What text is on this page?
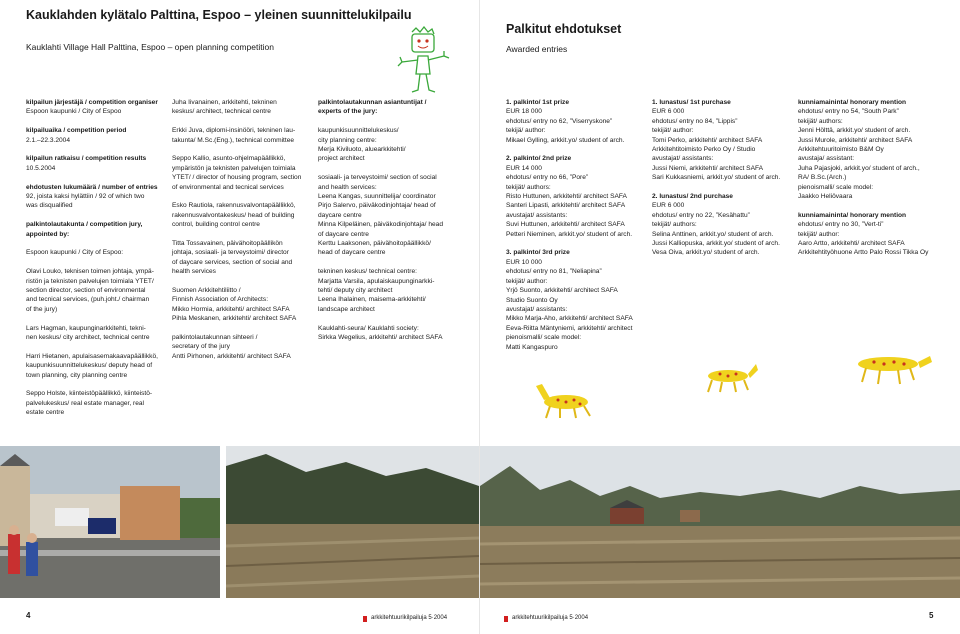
Kauklahden kylätalo Palttina, Espoo – yleinen suunnittelukilpailu
Kauklahti Village Hall Palttina, Espoo – open planning competition

kilpailun järjestäjä / competition organiser
Espoon kaupunki / City of Espoo

kilpailuaika / competition period
2.1.–22.3.2004

kilpailun ratkaisu / competition results
10.5.2004

ehdotusten lukumäärä / number of entries
92, joista kaksi hylättiin / 92 of which two
was disqualified

palkintolautakunta / competition jury,
appointed by:

Espoon kaupunki / City of Espoo:

Olavi Louko, teknisen toimen johtaja, ympä-
ristön ja teknisten palvelujen toimiala YTET/
section director, section of environmental
and tecnical services, (puh.joht./ chairman
of the jury)

Lars Hagman, kaupunginarkkitehti, tekni-
nen keskus/ city architect, technical centre

Harri Hietanen, apulaisasemakaavapäällikkö,
kaupunkisuunnittelukeskus/ deputy head of
town planning, city planning centre

Seppo Holste, kiinteistöpäällikkö, kiinteistö-
palvelukeskus/ real estate manager, real
estate centre

Juha Iivanainen, arkkitehti, tekninen
keskus/ architect, technical centre

Erkki Juva, diplomi-insinööri, tekninen lau-
takunta/ M.Sc.(Eng.), technical committee

Seppo Kallio, asunto-ohjelmapäällikkö,
ympäristön ja teknisten palvelujen toimiala
YTET/ / director of housing program, section
of environmental and tecnical services

Esko Rautiola, rakennusvalvontapäällikkö,
rakennusvalvontakeskus/ head of building
control, building control centre

Titta Tossavainen, päivähoitopäällikön
johtaja, sosiaali- ja terveystoimi/ director
of daycare services, section of social and
health services

Suomen Arkkitehtiliitto /
Finnish Association of Architects:
Mikko Hormia, arkkitehti/ architect SAFA
Pihla Meskanen, arkkitehti/ architect SAFA

palkintolautakunnan sihteeri /
secretary of the jury
Antti Pirhonen, arkkitehti/ architect SAFA

palkintolautakunnan asiantuntijat /
experts of the jury:

kaupunkisuunnittelukeskus/
city planning centre:
Merja Kiviluoto, aluearkkitehti/
project architect

sosiaali- ja terveystoimi/ section of social
and health services:
Leena Kangas, suunnittelija/ coordinator
Pirjo Salervo, päiväkodinjohtaja/ head of
daycare centre
Minna Kilpeläinen, päiväkodinjohtaja/ head
of daycare centre
Kerttu Laaksonen, päivähoitopäällikkö/
head of daycare centre

tekninen keskus/ technical centre:
Marjatta Varsila, apulaiskaupunginarkki-
tehti/ deputy city architect
Leena Ihalainen, maisema-arkkitehti/
landscape architect

Kauklahti-seura/ Kauklahti society:
Sirkka Wegelius, arkkitehti/ architect SAFA

4	arkkitehtuurikilpailuja 5·2004
Palkitut ehdotukset
Awarded entries

1. palkinto/ 1st prize
EUR 18 000
ehdotus/ entry no 62, ”Viserryskone”
tekijä/ author:
Mikael Gylling, arkkit.yo/ student of arch.

2. palkinto/ 2nd prize
EUR 14 000
ehdotus/ entry no 66, ”Pore”
tekijät/ authors:
Risto Huttunen, arkkitehti/ architect SAFA
Santeri Lipasti, arkkitehti/ architect SAFA
avustajat/ assistants:
Suvi Huttunen, arkkitehti/ architect SAFA
Petteri Nieminen, arkkit.yo/ student of arch.

3. palkinto/ 3rd prize
EUR 10 000
ehdotus/ entry no 81, ”Neliapina”
tekijät/ author:
Yrjö Suonto, arkkitehti/ architect SAFA
Studio Suonto Oy
avustajat/ assistants:
Mikko Marja-Aho, arkkitehti/ architect SAFA
Eeva-Riitta Mäntyniemi, arkkitehti/ architect
pienoismalli/ scale model:
Matti Kangaspuro

1. lunastus/ 1st purchase
EUR 6 000
ehdotus/ entry no 84, ”Lippis”
tekijät/ author:
Tomi Perko, arkkitehti/ architect SAFA
Arkkitehtitoimisto Perko Oy / Studio
avustajat/ assistants:
Jussi Niemi, arkkitehti/ architect SAFA
Sari Kukkasniemi, arkkit.yo/ student of arch.

2. lunastus/ 2nd purchase
EUR 6 000
ehdotus/ entry no 22, ”Kesähattu”
tekijät/ authors:
Selina Anttinen, arkkit.yo/ student of arch.
Jussi Kalliopuska, arkkit.yo/ student of arch.
Vesa Oiva, arkkit.yo/ student of arch.

kunniamaininta/ honorary mention
ehdotus/ entry no 54, ”South Park”
tekijät/ authors:
Jenni Hölttä, arkkit.yo/ student of arch.
Jussi Murole, arkkitehti/ architect SAFA
Arkkitehtuuritoimisto B&M Oy
avustaja/ assistant:
Juha Pajasjoki, arkkit.yo/ student of arch.,
RA/ B.Sc.(Arch.)
pienoismalli/ scale model:
Jaakko Heliövaara

kunniamaininta/ honorary mention
ehdotus/ entry no 30, ”Vert-ti”
tekijät/ author:
Aaro Artto, arkkitehti/ architect SAFA
Arkkitehtityöhuone Artto Palo Rossi Tikka Oy

arkkitehtuurikilpailuja 5·2004	5
